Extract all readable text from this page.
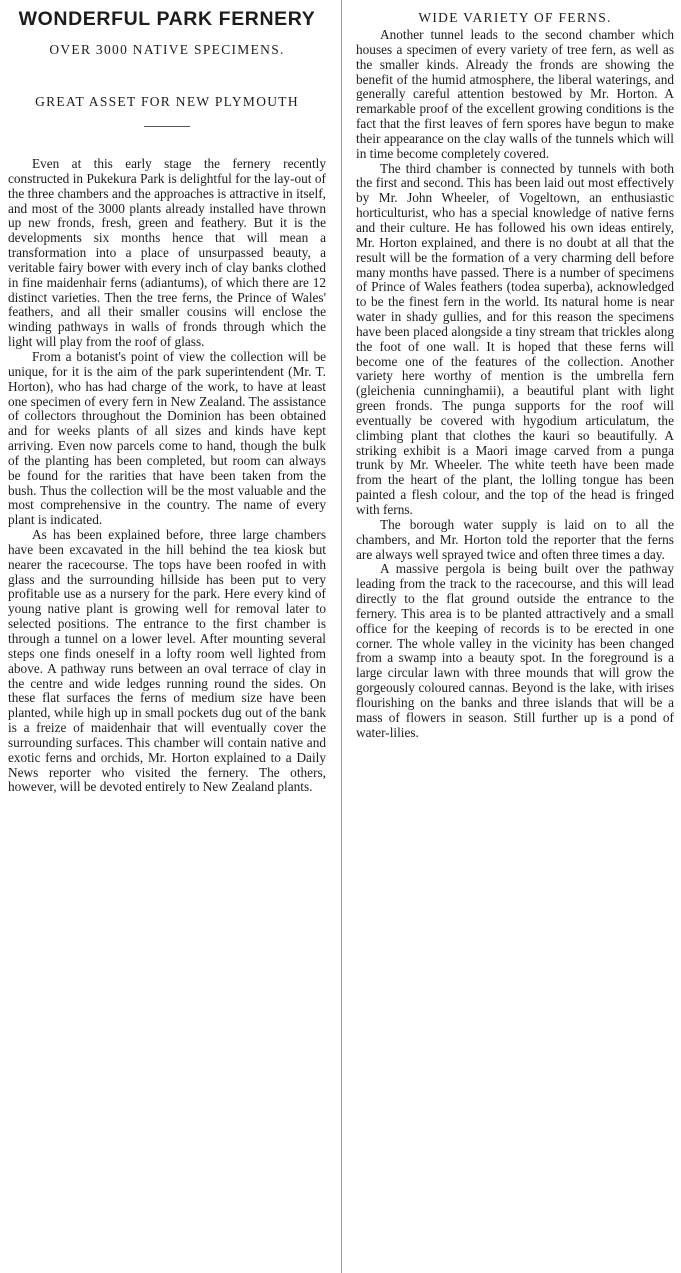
WONDERFUL PARK FERNERY
OVER 3000 NATIVE SPECIMENS.
GREAT ASSET FOR NEW PLYMOUTH

Even at this early stage the fernery recently constructed in Pukekura Park is delightful for the lay-out of the three chambers and the approaches is attractive in itself, and most of the 3000 plants already installed have thrown up new fronds, fresh, green and feathery. But it is the developments six months hence that will mean a transformation into a place of unsurpassed beauty, a veritable fairy bower with every inch of clay banks clothed in fine maidenhair ferns (adiantums), of which there are 12 distinct varieties. Then the tree ferns, the Prince of Wales' feathers, and all their smaller cousins will enclose the winding pathways in walls of fronds through which the light will play from the roof of glass.

From a botanist's point of view the collection will be unique, for it is the aim of the park superintendent (Mr. T. Horton), who has had charge of the work, to have at least one specimen of every fern in New Zealand. The assistance of collectors throughout the Dominion has been obtained and for weeks plants of all sizes and kinds have kept arriving. Even now parcels come to hand, though the bulk of the planting has been completed, but room can always be found for the rarities that have been taken from the bush. Thus the collection will be the most valuable and the most comprehensive in the country. The name of every plant is indicated.

As has been explained before, three large chambers have been excavated in the hill behind the tea kiosk but nearer the racecourse. The tops have been roofed in with glass and the surrounding hillside has been put to very profitable use as a nursery for the park. Here every kind of young native plant is growing well for removal later to selected positions. The entrance to the first chamber is through a tunnel on a lower level. After mounting several steps one finds oneself in a lofty room well lighted from above. A pathway runs between an oval terrace of clay in the centre and wide ledges running round the sides. On these flat surfaces the ferns of medium size have been planted, while high up in small pockets dug out of the bank is a freize of maidenhair that will eventually cover the surrounding surfaces. This chamber will contain native and exotic ferns and orchids, Mr. Horton explained to a Daily News reporter who visited the fernery. The others, however, will be devoted entirely to New Zealand plants.

WIDE VARIETY OF FERNS.

Another tunnel leads to the second chamber which houses a specimen of every variety of tree fern, as well as the smaller kinds. Already the fronds are showing the benefit of the humid atmosphere, the liberal waterings, and generally careful attention bestowed by Mr. Horton. A remarkable proof of the excellent growing conditions is the fact that the first leaves of fern spores have begun to make their appearance on the clay walls of the tunnels which will in time become completely covered.

The third chamber is connected by tunnels with both the first and second. This has been laid out most effectively by Mr. John Wheeler, of Vogeltown, an enthusiastic horticulturist, who has a special knowledge of native ferns and their culture. He has followed his own ideas entirely, Mr. Horton explained, and there is no doubt at all that the result will be the formation of a very charming dell before many months have passed. There is a number of specimens of Prince of Wales feathers (todea superba), acknowledged to be the finest fern in the world. Its natural home is near water in shady gullies, and for this reason the specimens have been placed alongside a tiny stream that trickles along the foot of one wall. It is hoped that these ferns will become one of the features of the collection. Another variety here worthy of mention is the umbrella fern (gleichenia cunninghamii), a beautiful plant with light green fronds. The punga supports for the roof will eventually be covered with hygodium articulatum, the climbing plant that clothes the kauri so beautifully. A striking exhibit is a Maori image carved from a punga trunk by Mr. Wheeler. The white teeth have been made from the heart of the plant, the lolling tongue has been painted a flesh colour, and the top of the head is fringed with ferns.

The borough water supply is laid on to all the chambers, and Mr. Horton told the reporter that the ferns are always well sprayed twice and often three times a day.

A massive pergola is being built over the pathway leading from the track to the racecourse, and this will lead directly to the flat ground outside the entrance to the fernery. This area is to be planted attractively and a small office for the keeping of records is to be erected in one corner. The whole valley in the vicinity has been changed from a swamp into a beauty spot. In the foreground is a large circular lawn with three mounds that will grow the gorgeously coloured cannas. Beyond is the lake, with irises flourishing on the banks and three islands that will be a mass of flowers in season. Still further up is a pond of water-lilies.
